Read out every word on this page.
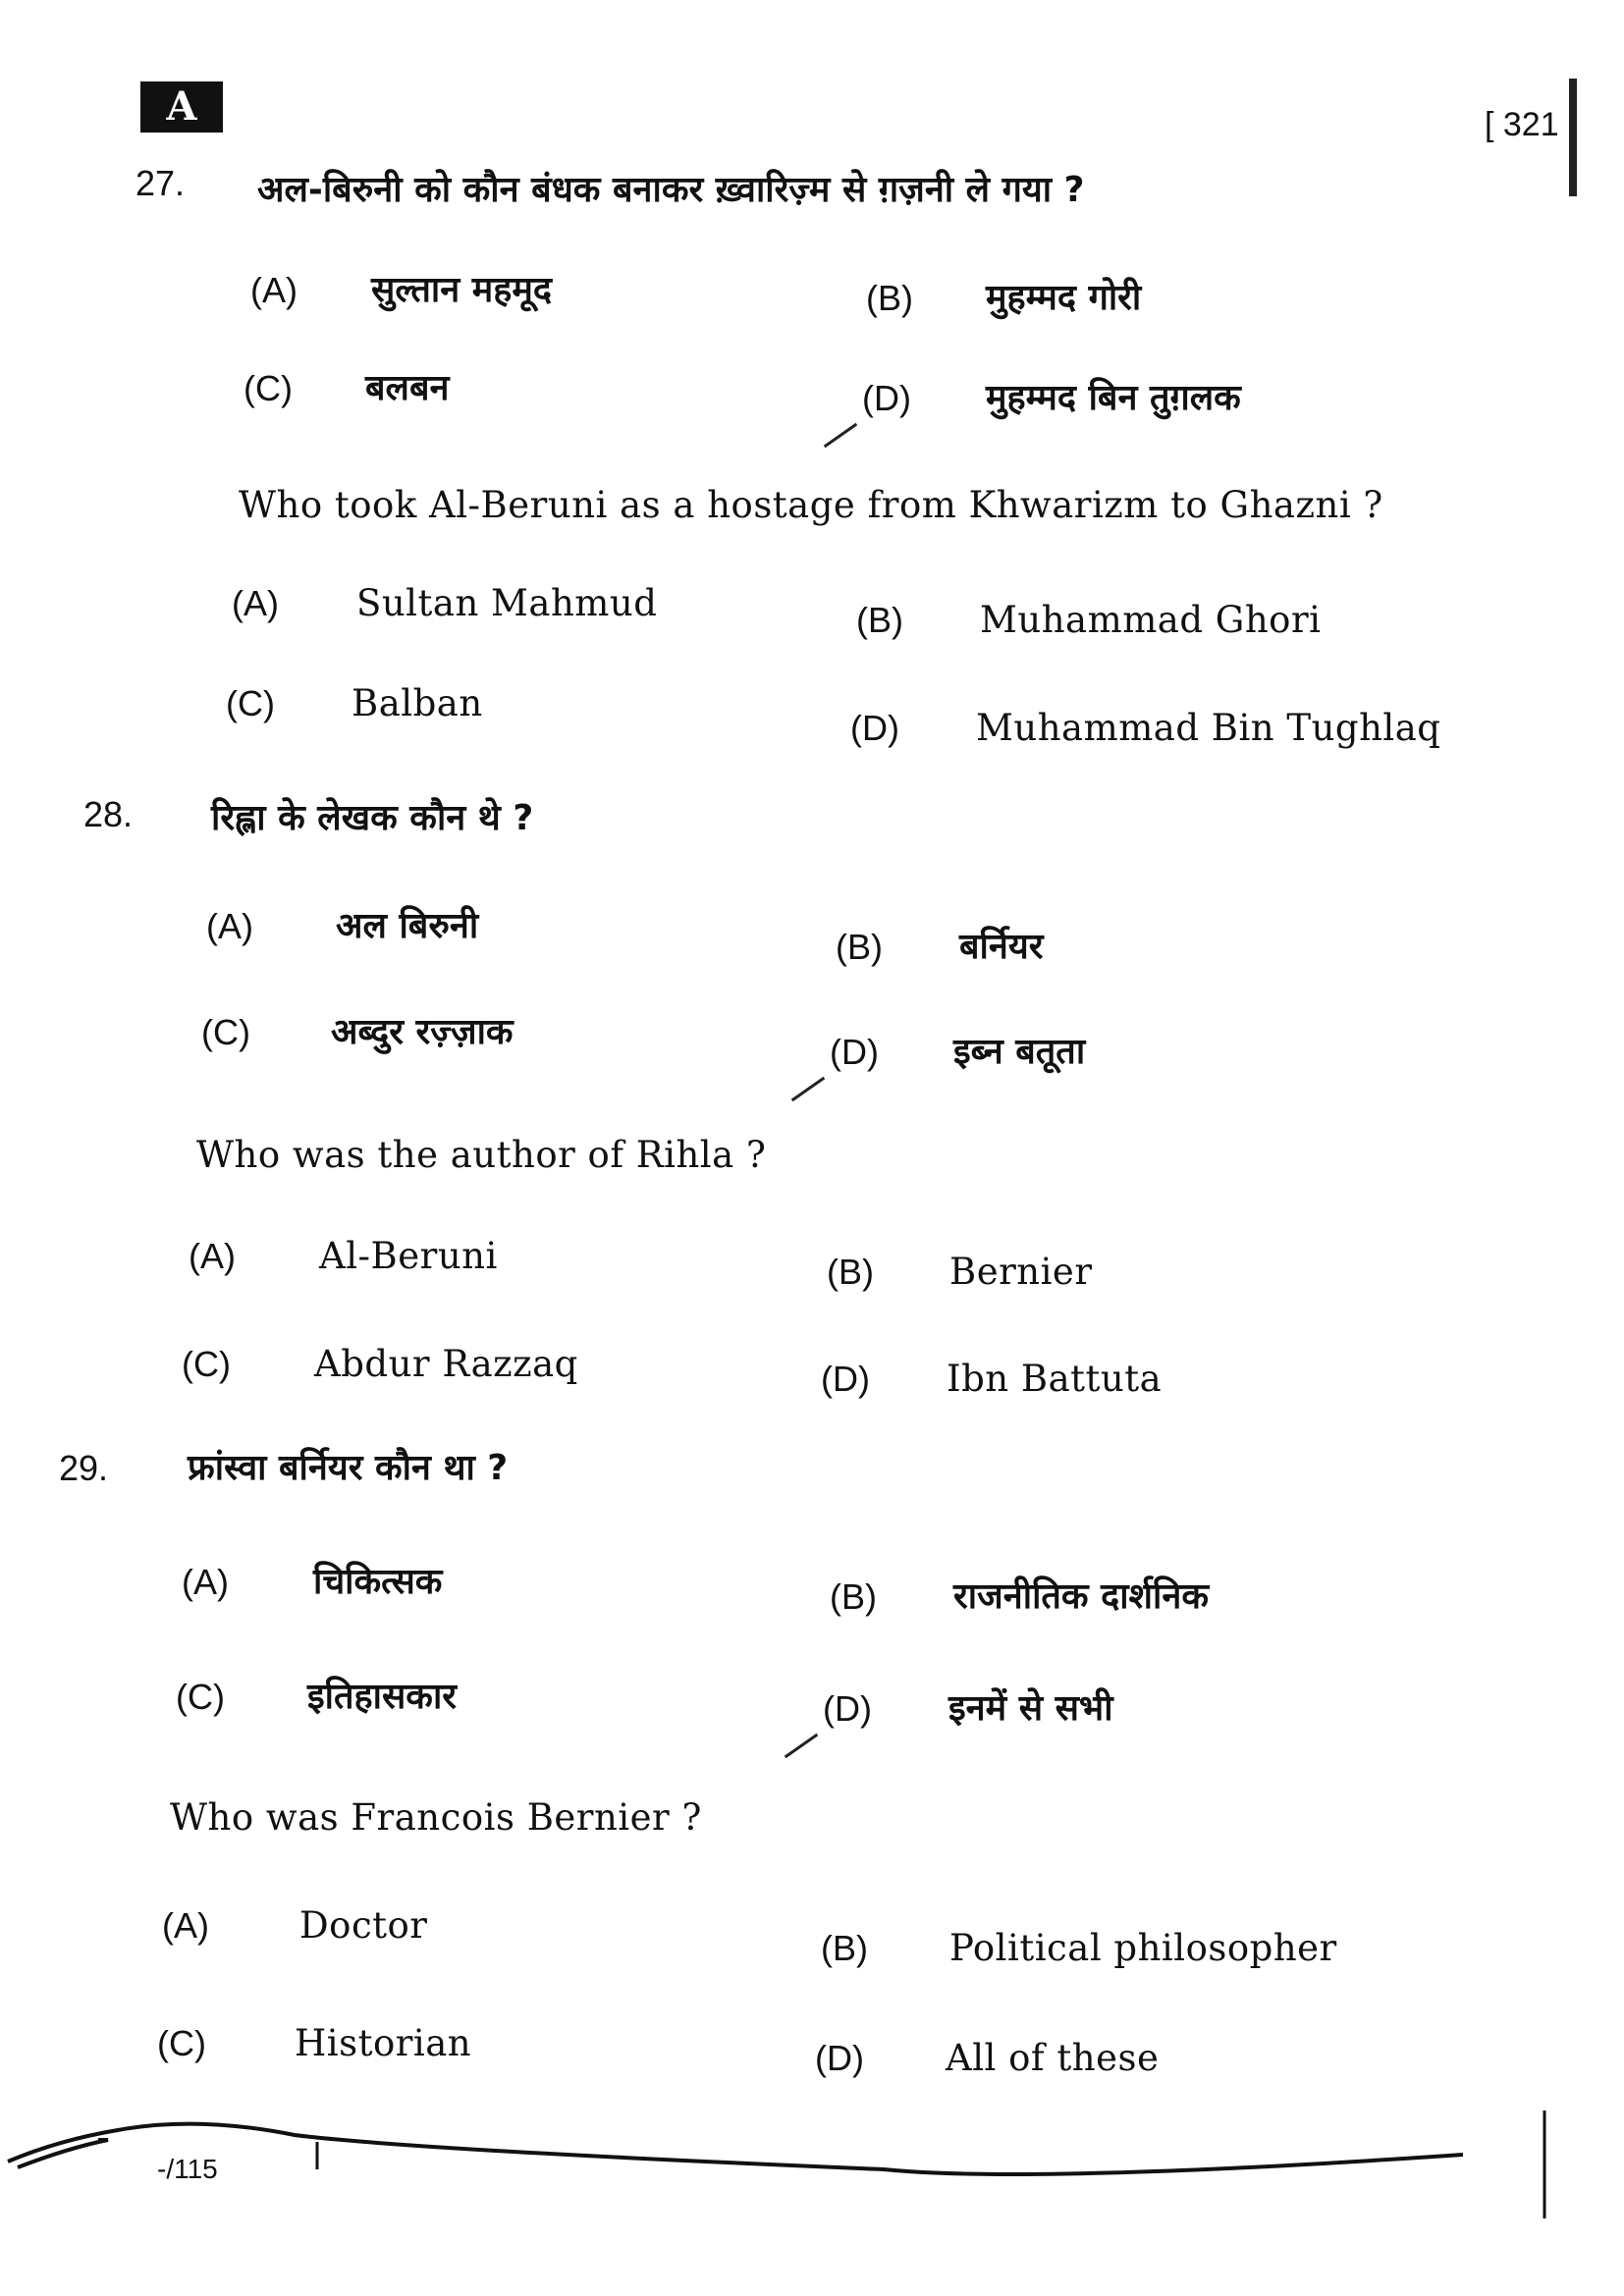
A	[ 321
-/115
27. अल-बिरुनी को कौन बंधक बनाकर ख़्वारिज़्म से ग़ज़नी ले गया ?
(A) सुल्तान महमूद	(B) मुहम्मद गोरी
(C) बलबन	(D) मुहम्मद बिन तुग़लक
Who took Al-Beruni as a hostage from Khwarizm to Ghazni ?
(A) Sultan Mahmud	(B) Muhammad Ghori
(C) Balban
(D) Muhammad Bin Tughlaq
28. रिह्ला के लेखक कौन थे ?
(A) अल बिरुनी
(B) बर्नियर
(C) अब्दुर रज़्ज़ाक	(D) इब्न बतूता
Who was the author of Rihla ?
(A) Al-Beruni	(B) Bernier
(C) Abdur Razzaq	(D) Ibn Battuta
29. फ्रांस्वा बर्नियर कौन था ?
(A) चिकित्सक	(B) राजनीतिक दार्शनिक
(C) इतिहासकार	(D) इनमें से सभी
Who was Francois Bernier ?
(A) Doctor
(B) Political philosopher
(C) Historian	(D) All of these
